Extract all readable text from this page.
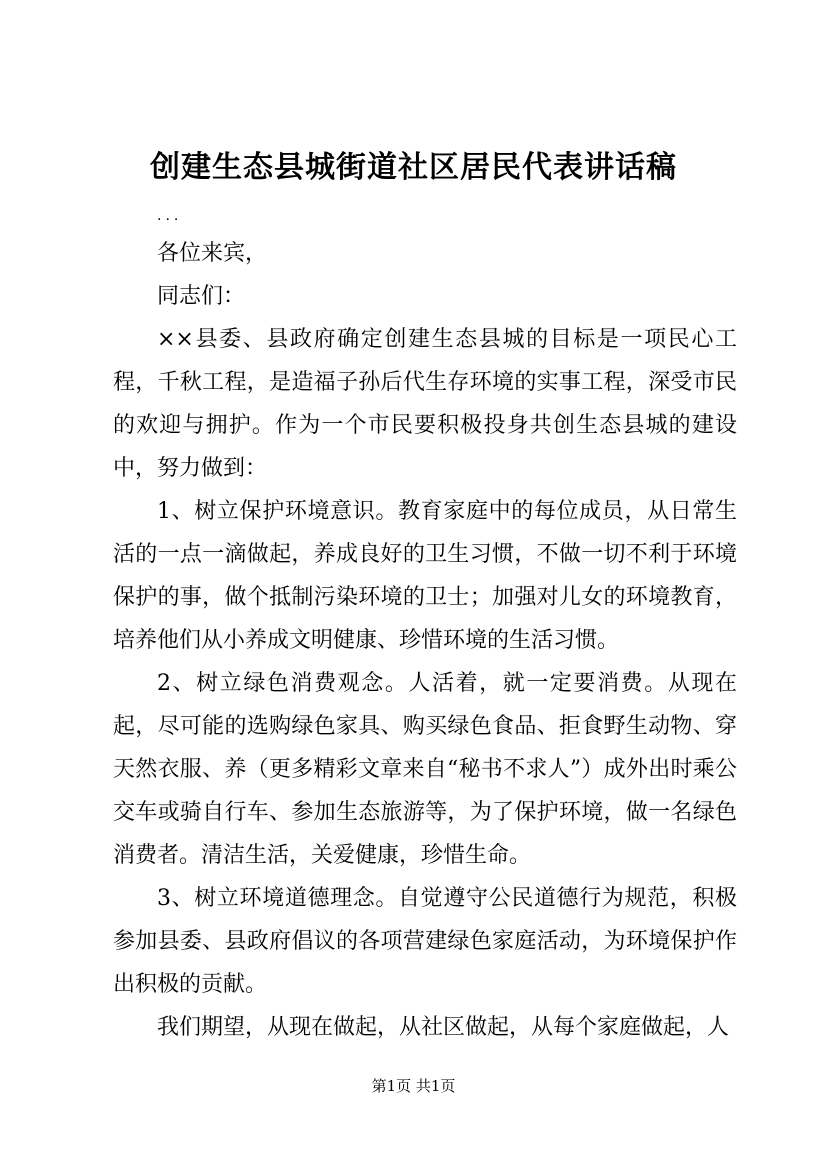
创建生态县城街道社区居民代表讲话稿

...

各位来宾，

同志们：

××县委、县政府确定创建生态县城的目标是一项民心工程，千秋工程，是造福子孙后代生存环境的实事工程，深受市民的欢迎与拥护。作为一个市民要积极投身共创生态县城的建设中，努力做到：

1、树立保护环境意识。教育家庭中的每位成员，从日常生活的一点一滴做起，养成良好的卫生习惯，不做一切不利于环境保护的事，做个抵制污染环境的卫士；加强对儿女的环境教育，培养他们从小养成文明健康、珍惜环境的生活习惯。

2、树立绿色消费观念。人活着，就一定要消费。从现在起，尽可能的选购绿色家具、购买绿色食品、拒食野生动物、穿天然衣服、养（更多精彩文章来自“秘书不求人”）成外出时乘公交车或骑自行车、参加生态旅游等，为了保护环境，做一名绿色消费者。清洁生活，关爱健康，珍惜生命。

3、树立环境道德理念。自觉遵守公民道德行为规范，积极参加县委、县政府倡议的各项营建绿色家庭活动，为环境保护作出积极的贡献。

我们期望，从现在做起，从社区做起，从每个家庭做起，人

第1页 共1页
